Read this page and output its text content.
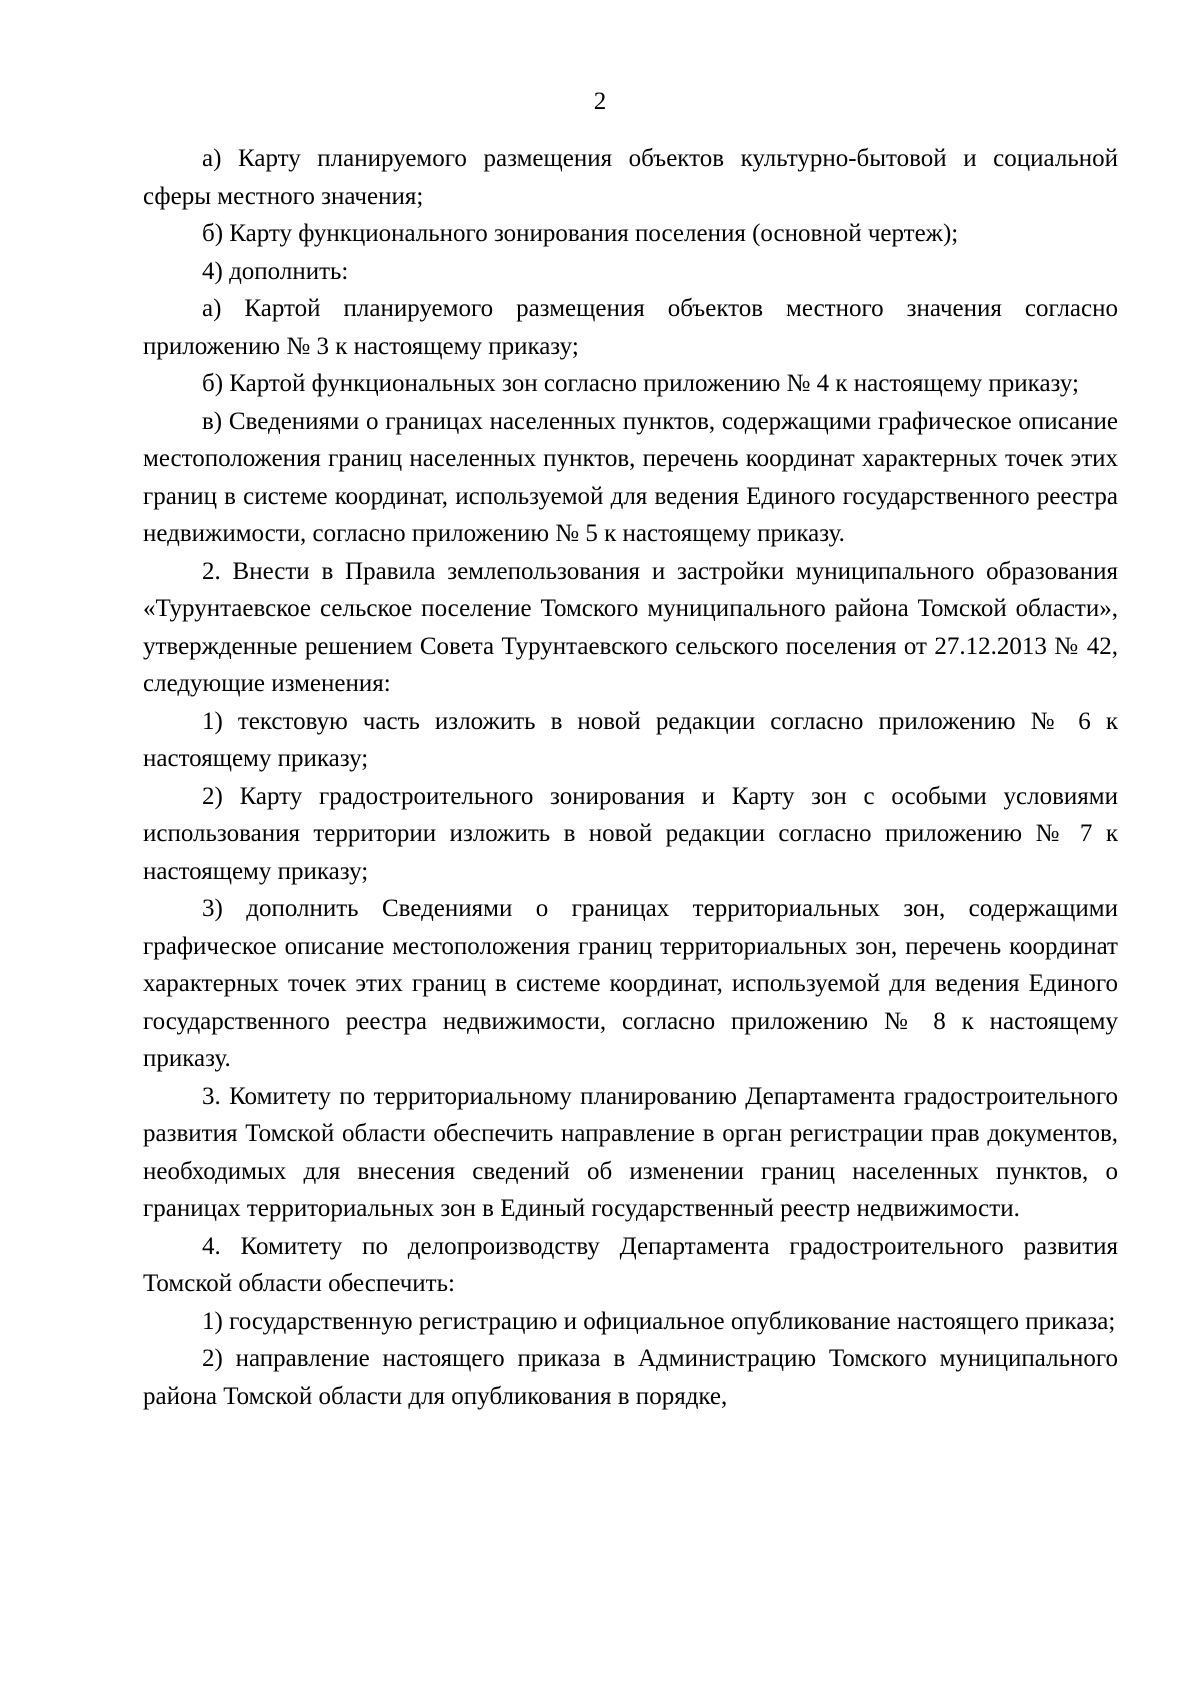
2

а) Карту планируемого размещения объектов культурно-бытовой и социальной сферы местного значения;

б) Карту функционального зонирования поселения (основной чертеж);

4) дополнить:

а) Картой планируемого размещения объектов местного значения согласно приложению № 3 к настоящему приказу;

б) Картой функциональных зон согласно приложению № 4 к настоящему приказу;

в) Сведениями о границах населенных пунктов, содержащими графическое описание местоположения границ населенных пунктов, перечень координат характерных точек этих границ в системе координат, используемой для ведения Единого государственного реестра недвижимости, согласно приложению № 5 к настоящему приказу.

2. Внести в Правила землепользования и застройки муниципального образования «Турунтаевское сельское поселение Томского муниципального района Томской области», утвержденные решением Совета Турунтаевского сельского поселения от 27.12.2013 № 42, следующие изменения:

1) текстовую часть изложить в новой редакции согласно приложению № 6 к настоящему приказу;

2) Карту градостроительного зонирования и Карту зон с особыми условиями использования территории изложить в новой редакции согласно приложению № 7 к настоящему приказу;

3) дополнить Сведениями о границах территориальных зон, содержащими графическое описание местоположения границ территориальных зон, перечень координат характерных точек этих границ в системе координат, используемой для ведения Единого государственного реестра недвижимости, согласно приложению № 8 к настоящему приказу.

3. Комитету по территориальному планированию Департамента градостроительного развития Томской области обеспечить направление в орган регистрации прав документов, необходимых для внесения сведений об изменении границ населенных пунктов, о границах территориальных зон в Единый государственный реестр недвижимости.

4. Комитету по делопроизводству Департамента градостроительного развития Томской области обеспечить:

1) государственную регистрацию и официальное опубликование настоящего приказа;

2) направление настоящего приказа в Администрацию Томского муниципального района Томской области для опубликования в порядке,
